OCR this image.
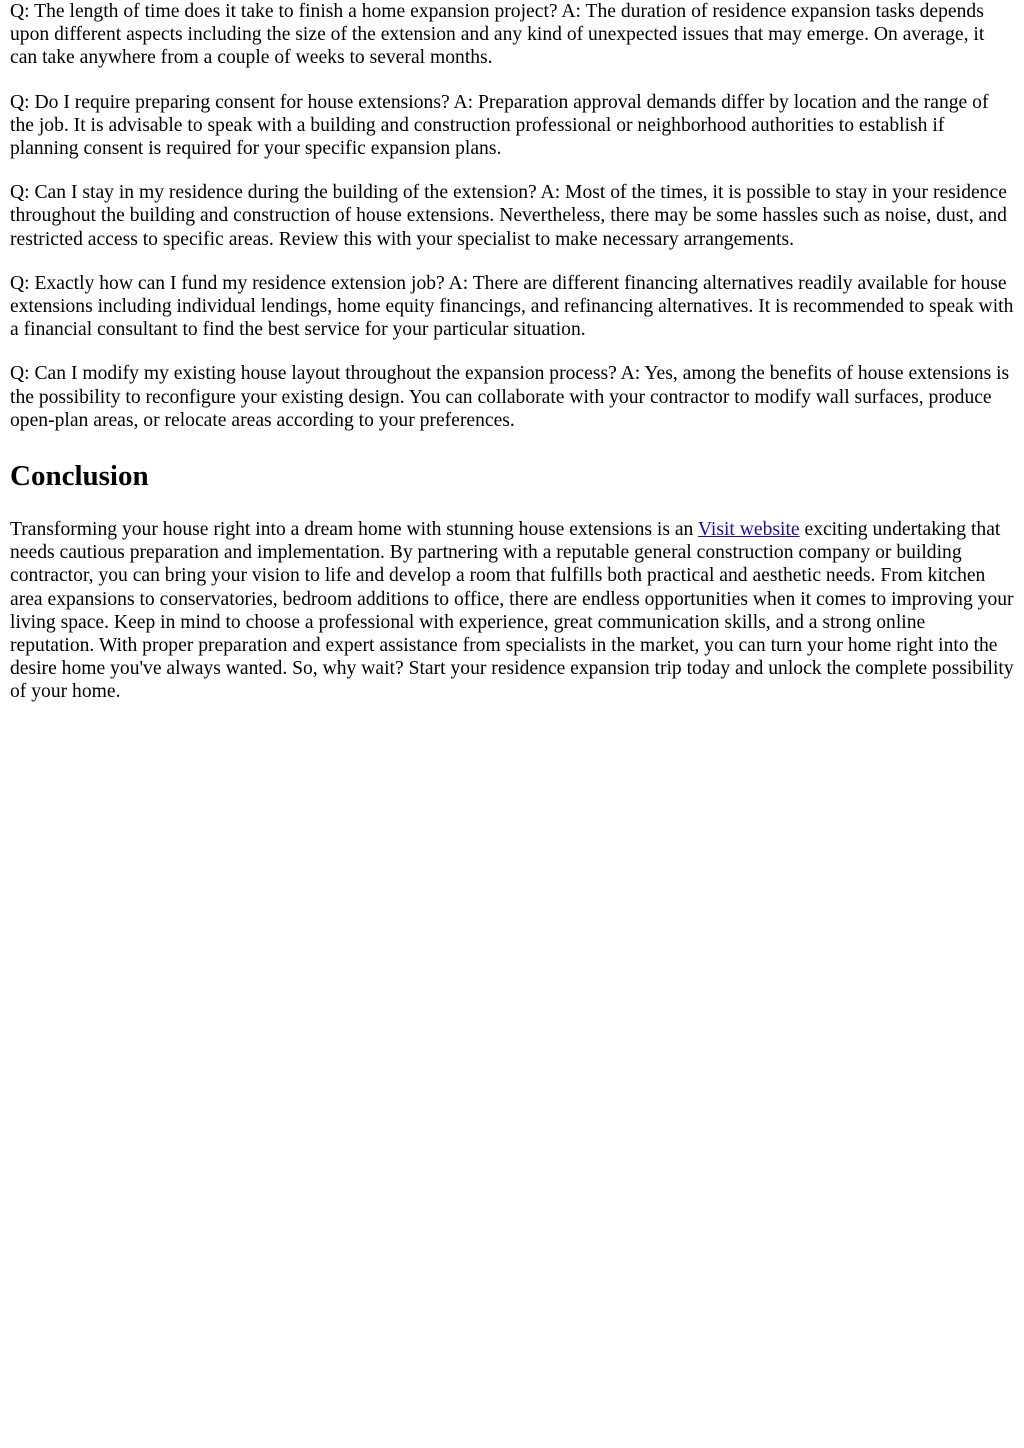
Q: The length of time does it take to finish a home expansion project? A: The duration of residence expansion tasks depends upon different aspects including the size of the extension and any kind of unexpected issues that may emerge. On average, it can take anywhere from a couple of weeks to several months.

Q: Do I require preparing consent for house extensions? A: Preparation approval demands differ by location and the range of the job. It is advisable to speak with a building and construction professional or neighborhood authorities to establish if planning consent is required for your specific expansion plans.

Q: Can I stay in my residence during the building of the extension? A: Most of the times, it is possible to stay in your residence throughout the building and construction of house extensions. Nevertheless, there may be some hassles such as noise, dust, and restricted access to specific areas. Review this with your specialist to make necessary arrangements.

Q: Exactly how can I fund my residence extension job? A: There are different financing alternatives readily available for house extensions including individual lendings, home equity financings, and refinancing alternatives. It is recommended to speak with a financial consultant to find the best service for your particular situation.

Q: Can I modify my existing house layout throughout the expansion process? A: Yes, among the benefits of house extensions is the possibility to reconfigure your existing design. You can collaborate with your contractor to modify wall surfaces, produce open-plan areas, or relocate areas according to your preferences.

Conclusion

Transforming your house right into a dream home with stunning house extensions is an Visit website exciting undertaking that needs cautious preparation and implementation. By partnering with a reputable general construction company or building contractor, you can bring your vision to life and develop a room that fulfills both practical and aesthetic needs. From kitchen area expansions to conservatories, bedroom additions to office, there are endless opportunities when it comes to improving your living space. Keep in mind to choose a professional with experience, great communication skills, and a strong online reputation. With proper preparation and expert assistance from specialists in the market, you can turn your home right into the desire home you've always wanted. So, why wait? Start your residence expansion trip today and unlock the complete possibility of your home.
